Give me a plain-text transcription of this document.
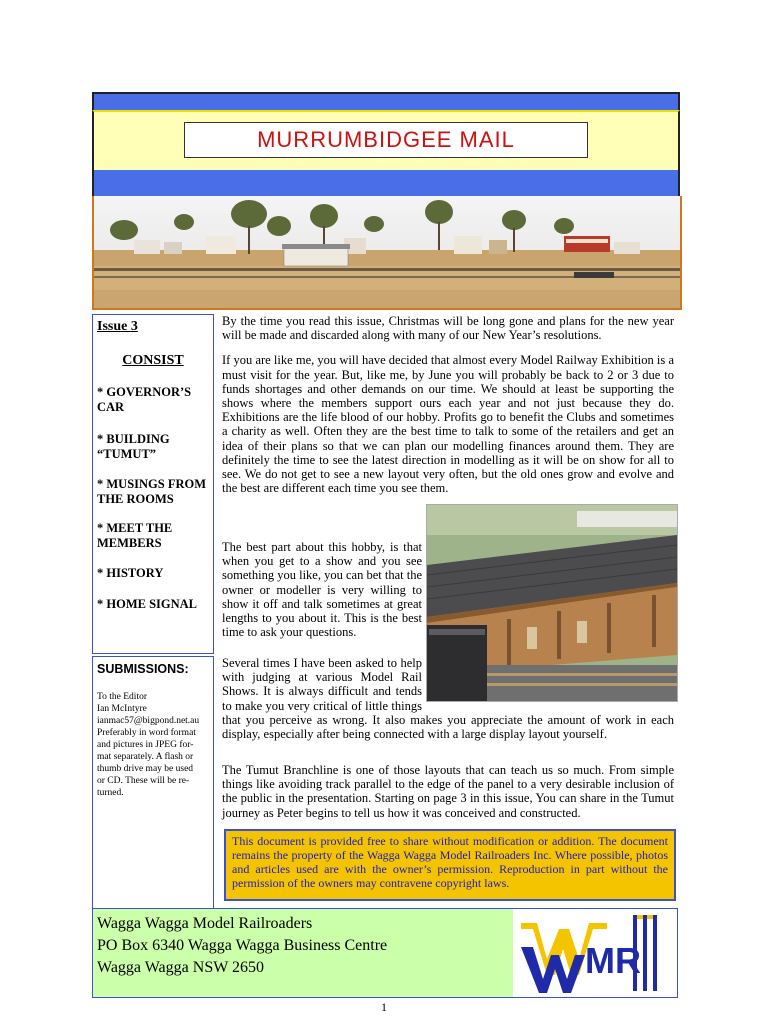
MURRUMBIDGEE MAIL
Issue 3
CONSIST
* GOVERNOR’S
CAR
* BUILDING
“TUMUT”
* MUSINGS FROM
THE ROOMS
* MEET THE
MEMBERS
* HISTORY
* HOME SIGNAL
SUBMISSIONS:
To the Editor
Ian McIntyre
ianmac57@bigpond.net.au
Preferably in word format
and pictures in JPEG for-
mat separately. A flash or
thumb drive may be used
or CD. These will be re-
turned.

By the time you read this issue, Christmas will be long gone and plans for the new year will be made and discarded along with many of our New Year’s resolutions.

If you are like me, you will have decided that almost every Model Railway Exhibition is a must visit for the year. But, like me, by June you will probably be back to 2 or 3 due to funds shortages and other demands on our time. We should at least be supporting the shows where the members support ours each year and not just because they do. Exhibitions are the life blood of our hobby. Profits go to benefit the Clubs and sometimes a charity as well. Often they are the best time to talk to some of the retailers and get an idea of their plans so that we can plan our modelling finances around them. They are definitely the time to see the latest direction in modelling as it will be on show for all to see. We do not get to see a new layout very often, but the old ones grow and evolve and the best are different each time you see them.

The best part about this hobby, is that when you get to a show and you see something you like, you can bet that the owner or modeller is very willing to show it off and talk sometimes at great lengths to you about it. This is the best time to ask your questions.

Several times I have been asked to help with judging at various Model Rail Shows. It is always difficult and tends to make you very critical of little things that you perceive as wrong. It also makes you appreciate the amount of work in each display, especially after being connected with a large display layout yourself.

The Tumut Branchline is one of those layouts that can teach us so much. From simple things like avoiding track parallel to the edge of the panel to a very desirable inclusion of the public in the presentation. Starting on page 3 in this issue, You can share in the Tumut journey as Peter begins to tell us how it was conceived and constructed.

This document is provided free to share without modification or addition. The document remains the property of the Wagga Wagga Model Railroaders Inc. Where possible, photos and articles used are with the owner’s permission. Reproduction in part without the permission of the owners may contravene copyright laws.
Wagga Wagga Model Railroaders
PO Box 6340 Wagga Wagga Business Centre
Wagga Wagga NSW 2650	MR
1
